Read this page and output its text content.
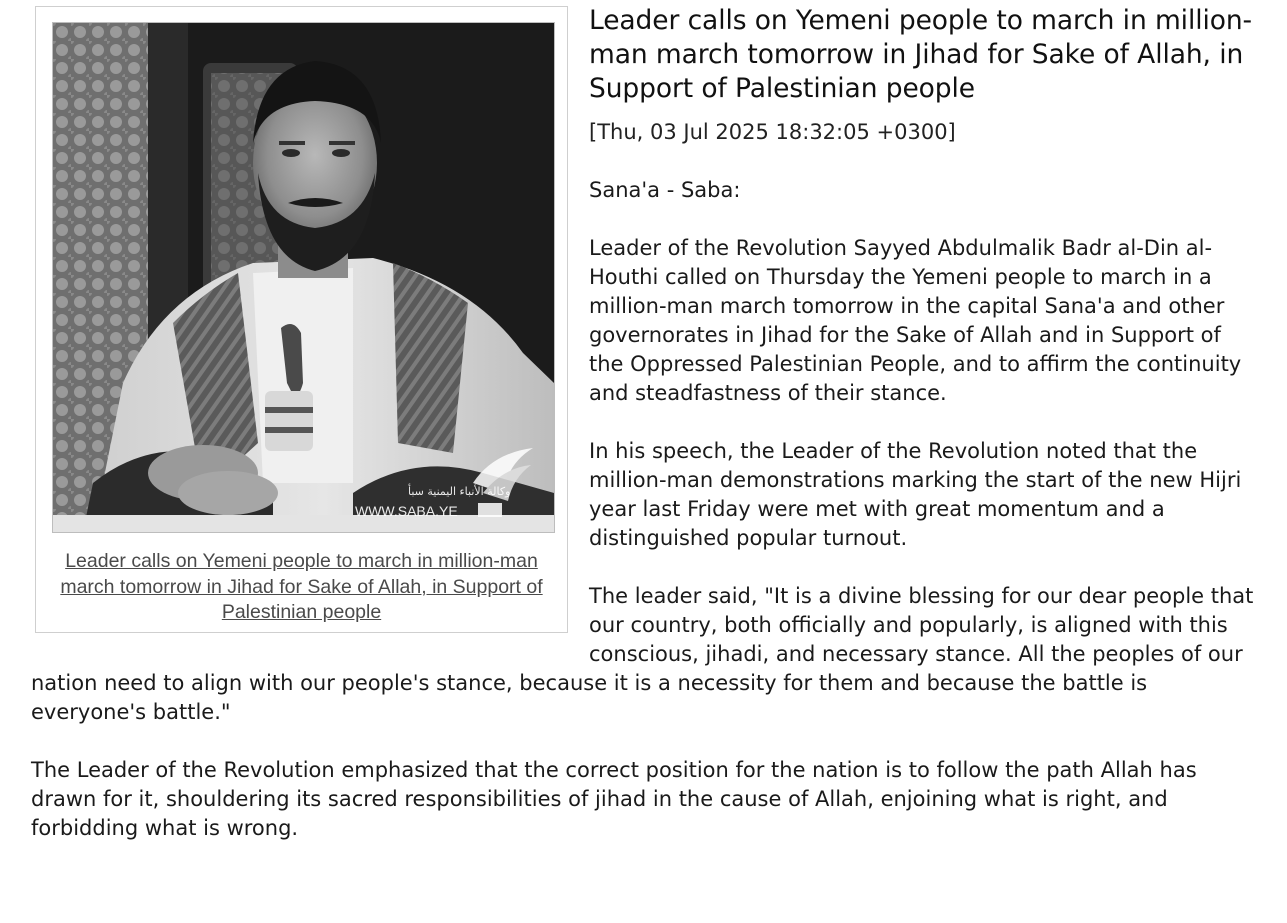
وكالة الأنباء اليمنية سبأ
WWW.SABA.YE
Leader calls on Yemeni people to march in million-man march tomorrow in Jihad for Sake of Allah, in Support of Palestinian people
Leader calls on Yemeni people to march in million-man march tomorrow in Jihad for Sake of Allah, in Support of Palestinian people
[Thu, 03 Jul 2025 18:32:05 +0300]

Sana'a - Saba:

Leader of the Revolution Sayyed Abdulmalik Badr al-Din al-Houthi called on Thursday the Yemeni people to march in a million-man march tomorrow in the capital Sana'a and other governorates in Jihad for the Sake of Allah and in Support of the Oppressed Palestinian People, and to affirm the continuity and steadfastness of their stance.

In his speech, the Leader of the Revolution noted that the million-man demonstrations marking the start of the new Hijri year last Friday were met with great momentum and a distinguished popular turnout.

The leader said, "It is a divine blessing for our dear people that our country, both officially and popularly, is aligned with this conscious, jihadi, and necessary stance. All the peoples of our nation need to align with our people's stance, because it is a necessity for them and because the battle is everyone's battle."

The Leader of the Revolution emphasized that the correct position for the nation is to follow the path Allah has drawn for it, shouldering its sacred responsibilities of jihad in the cause of Allah, enjoining what is right, and forbidding what is wrong.
